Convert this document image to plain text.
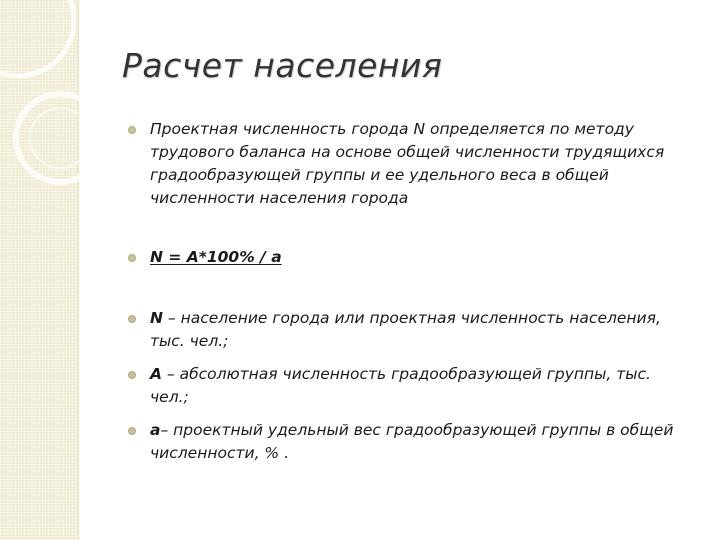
Расчет населения
Проектная численность города N определяется по методу трудового баланса на основе общей численности трудящихся градообразующей группы и ее удельного веса в общей численности населения города
N = A*100% / a
N – население города или проектная численность населения, тыс. чел.;
A – абсолютная численность градообразующей группы, тыс. чел.;
a– проектный удельный вес градообразующей группы в общей численности, % .
